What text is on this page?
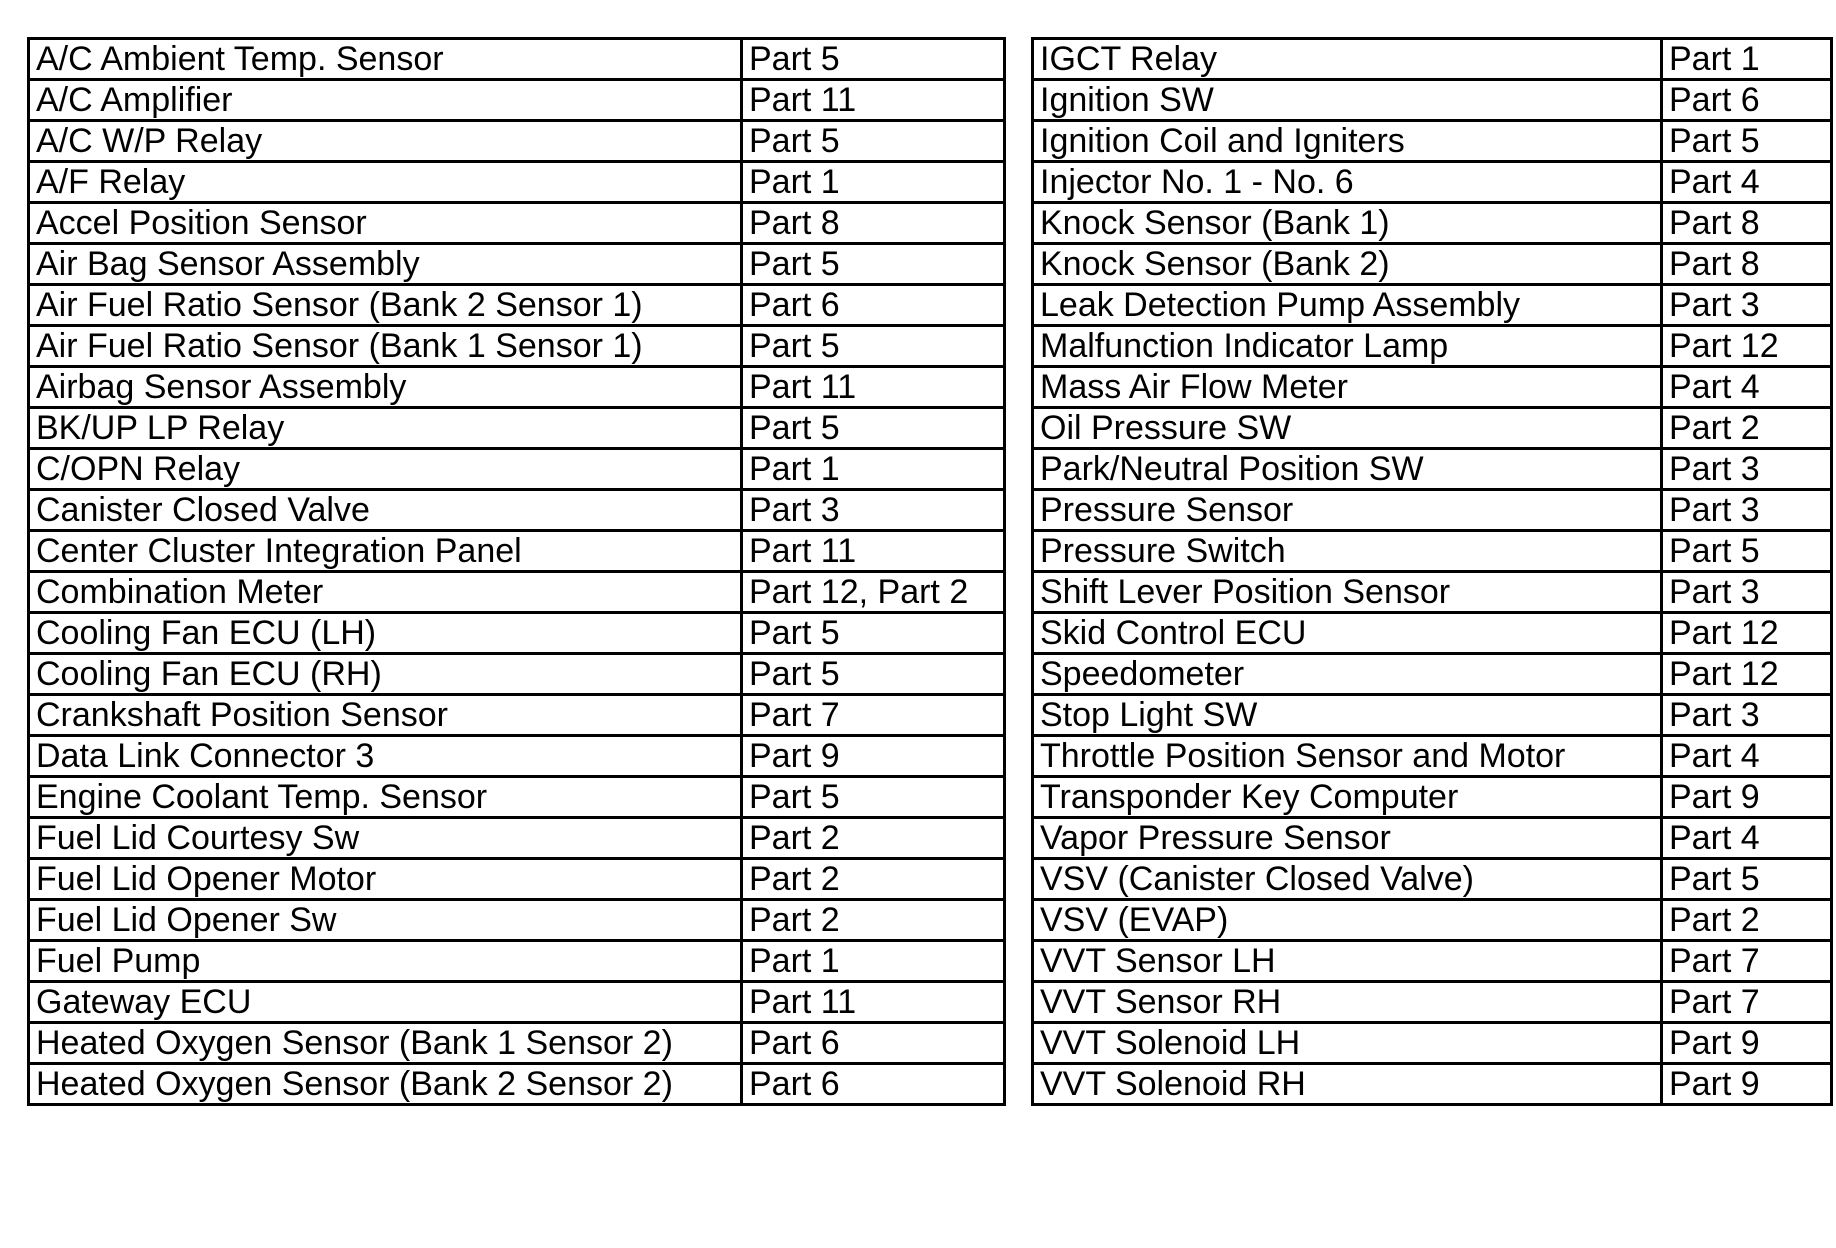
A/C Ambient Temp. Sensor	Part 5
A/C Amplifier	Part 11
A/C W/P Relay	Part 5
A/F Relay	Part 1
Accel Position Sensor	Part 8
Air Bag Sensor Assembly	Part 5
Air Fuel Ratio Sensor (Bank 2 Sensor 1)	Part 6
Air Fuel Ratio Sensor (Bank 1 Sensor 1)	Part 5
Airbag Sensor Assembly	Part 11
BK/UP LP Relay	Part 5
C/OPN Relay	Part 1
Canister Closed Valve	Part 3
Center Cluster Integration Panel	Part 11
Combination Meter	Part 12, Part 2
Cooling Fan ECU (LH)	Part 5
Cooling Fan ECU (RH)	Part 5
Crankshaft Position Sensor	Part 7
Data Link Connector 3	Part 9
Engine Coolant Temp. Sensor	Part 5
Fuel Lid Courtesy Sw	Part 2
Fuel Lid Opener Motor	Part 2
Fuel Lid Opener Sw	Part 2
Fuel Pump	Part 1
Gateway ECU	Part 11
Heated Oxygen Sensor (Bank 1 Sensor 2)	Part 6
Heated Oxygen Sensor (Bank 2 Sensor 2)	Part 6
IGCT Relay	Part 1
Ignition SW	Part 6
Ignition Coil and Igniters	Part 5
Injector No. 1 - No. 6	Part 4
Knock Sensor (Bank 1)	Part 8
Knock Sensor (Bank 2)	Part 8
Leak Detection Pump Assembly	Part 3
Malfunction Indicator Lamp	Part 12
Mass Air Flow Meter	Part 4
Oil Pressure SW	Part 2
Park/Neutral Position SW	Part 3
Pressure Sensor	Part 3
Pressure Switch	Part 5
Shift Lever Position Sensor	Part 3
Skid Control ECU	Part 12
Speedometer	Part 12
Stop Light SW	Part 3
Throttle Position Sensor and Motor	Part 4
Transponder Key Computer	Part 9
Vapor Pressure Sensor	Part 4
VSV (Canister Closed Valve)	Part 5
VSV (EVAP)	Part 2
VVT Sensor LH	Part 7
VVT Sensor RH	Part 7
VVT Solenoid LH	Part 9
VVT Solenoid RH	Part 9
